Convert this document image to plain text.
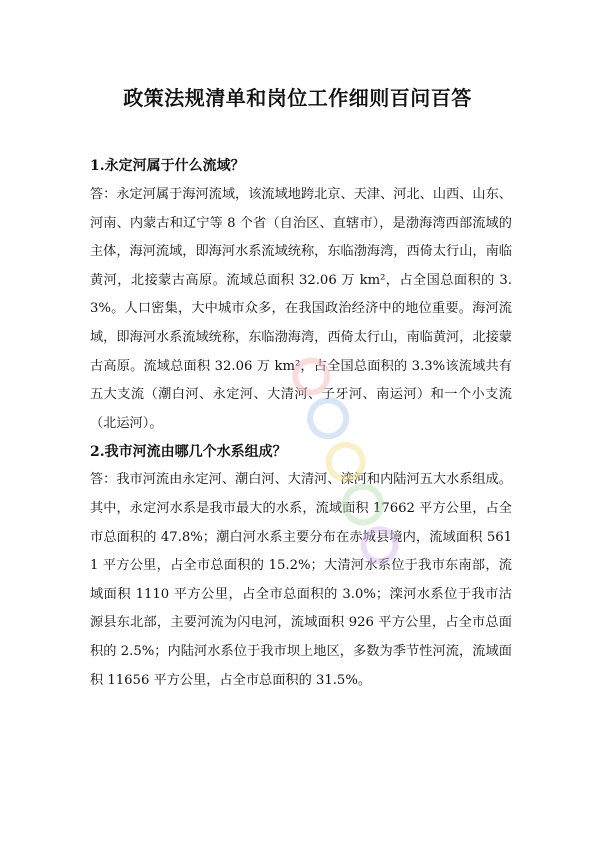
政策法规清单和岗位工作细则百问百答

1.永定河属于什么流域？

答：永定河属于海河流域，该流域地跨北京、天津、河北、山西、山东、河南、内蒙古和辽宁等 8 个省（自治区、直辖市），是渤海湾西部流域的主体，海河流域，即海河水系流域统称，东临渤海湾，西倚太行山，南临黄河，北接蒙古高原。流域总面积 32.06 万 km²，占全国总面积的 3.3%。人口密集，大中城市众多，在我国政治经济中的地位重要。海河流域，即海河水系流域统称，东临渤海湾，西倚太行山，南临黄河，北接蒙古高原。流域总面积 32.06 万 km²，占全国总面积的 3.3%该流域共有五大支流（潮白河、永定河、大清河、子牙河、南运河）和一个小支流（北运河）。

2.我市河流由哪几个水系组成？

答：我市河流由永定河、潮白河、大清河、滦河和内陆河五大水系组成。其中，永定河水系是我市最大的水系，流域面积 17662 平方公里，占全市总面积的 47.8%；潮白河水系主要分布在赤城县境内，流域面积 5611 平方公里，占全市总面积的 15.2%；大清河水系位于我市东南部，流域面积 1110 平方公里，占全市总面积的 3.0%；滦河水系位于我市沽源县东北部，主要河流为闪电河，流域面积 926 平方公里，占全市总面积的 2.5%；内陆河水系位于我市坝上地区，多数为季节性河流，流域面积 11656 平方公里，占全市总面积的 31.5%。
